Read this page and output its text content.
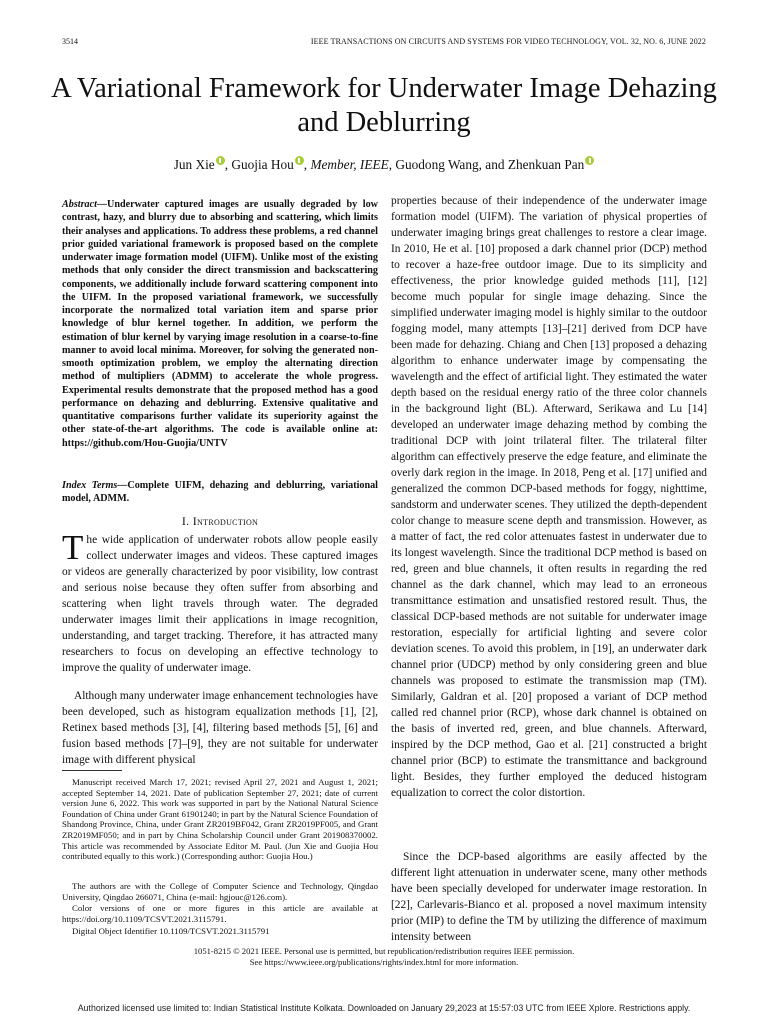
3514	IEEE TRANSACTIONS ON CIRCUITS AND SYSTEMS FOR VIDEO TECHNOLOGY, VOL. 32, NO. 6, JUNE 2022
A Variational Framework for Underwater Image Dehazing and Deblurring
Jun Xie , Guojia Hou , Member, IEEE, Guodong Wang, and Zhenkuan Pan
Abstract—Underwater captured images are usually degraded by low contrast, hazy, and blurry due to absorbing and scattering, which limits their analyses and applications. To address these problems, a red channel prior guided variational framework is proposed based on the complete underwater image formation model (UIFM). Unlike most of the existing methods that only consider the direct transmission and backscattering components, we additionally include forward scattering component into the UIFM. In the proposed variational framework, we successfully incorporate the normalized total variation item and sparse prior knowledge of blur kernel together. In addition, we perform the estimation of blur kernel by varying image resolution in a coarse-to-fine manner to avoid local minima. Moreover, for solving the generated non-smooth optimization problem, we employ the alternating direction method of multipliers (ADMM) to accelerate the whole progress. Experimental results demonstrate that the proposed method has a good performance on dehazing and deblurring. Extensive qualitative and quantitative comparisons further validate its superiority against the other state-of-the-art algorithms. The code is available online at: https://github.com/Hou-Guojia/UNTV
Index Terms—Complete UIFM, dehazing and deblurring, variational model, ADMM.
I. Introduction
The wide application of underwater robots allow people easily collect underwater images and videos. These captured images or videos are generally characterized by poor visibility, low contrast and serious noise because they often suffer from absorbing and scattering when light travels through water. The degraded underwater images limit their applications in image recognition, understanding, and target tracking. Therefore, it has attracted many researchers to focus on developing an effective technology to improve the quality of underwater image.
Although many underwater image enhancement technologies have been developed, such as histogram equalization methods [1], [2], Retinex based methods [3], [4], filtering based methods [5], [6] and fusion based methods [7]–[9], they are not suitable for underwater image with different physical
Manuscript received March 17, 2021; revised April 27, 2021 and August 1, 2021; accepted September 14, 2021. Date of publication September 27, 2021; date of current version June 6, 2022. This work was supported in part by the National Natural Science Foundation of China under Grant 61901240; in part by the Natural Science Foundation of Shandong Province, China, under Grant ZR2019BF042, Grant ZR2019PF005, and Grant ZR2019MF050; and in part by China Scholarship Council under Grant 201908370002. This article was recommended by Associate Editor M. Paul. (Jun Xie and Guojia Hou contributed equally to this work.) (Corresponding author: Guojia Hou.)
The authors are with the College of Computer Science and Technology, Qingdao University, Qingdao 266071, China (e-mail: hgjouc@126.com).
Color versions of one or more figures in this article are available at https://doi.org/10.1109/TCSVT.2021.3115791.
Digital Object Identifier 10.1109/TCSVT.2021.3115791
properties because of their independence of the underwater image formation model (UIFM). The variation of physical properties of underwater imaging brings great challenges to restore a clear image. In 2010, He et al. [10] proposed a dark channel prior (DCP) method to recover a haze-free outdoor image. Due to its simplicity and effectiveness, the prior knowledge guided methods [11], [12] become much popular for single image dehazing. Since the simplified underwater imaging model is highly similar to the outdoor fogging model, many attempts [13]–[21] derived from DCP have been made for dehazing. Chiang and Chen [13] proposed a dehazing algorithm to enhance underwater image by compensating the wavelength and the effect of artificial light. They estimated the water depth based on the residual energy ratio of the three color channels in the background light (BL). Afterward, Serikawa and Lu [14] developed an underwater image dehazing method by combing the traditional DCP with joint trilateral filter. The trilateral filter algorithm can effectively preserve the edge feature, and eliminate the overly dark region in the image. In 2018, Peng et al. [17] unified and generalized the common DCP-based methods for foggy, nighttime, sandstorm and underwater scenes. They utilized the depth-dependent color change to measure scene depth and transmission. However, as a matter of fact, the red color attenuates fastest in underwater due to its longest wavelength. Since the traditional DCP method is based on red, green and blue channels, it often results in regarding the red channel as the dark channel, which may lead to an erroneous transmittance estimation and unsatisfied restored result. Thus, the classical DCP-based methods are not suitable for underwater image restoration, especially for artificial lighting and severe color deviation scenes. To avoid this problem, in [19], an underwater dark channel prior (UDCP) method by only considering green and blue channels was proposed to estimate the transmission map (TM). Similarly, Galdran et al. [20] proposed a variant of DCP method called red channel prior (RCP), whose dark channel is obtained on the basis of inverted red, green, and blue channels. Afterward, inspired by the DCP method, Gao et al. [21] constructed a bright channel prior (BCP) to estimate the transmittance and background light. Besides, they further employed the deduced histogram equalization to correct the color distortion.
Since the DCP-based algorithms are easily affected by the different light attenuation in underwater scene, many other methods have been specially developed for underwater image restoration. In [22], Carlevaris-Bianco et al. proposed a novel maximum intensity prior (MIP) to define the TM by utilizing the difference of maximum intensity between
1051-8215 © 2021 IEEE. Personal use is permitted, but republication/redistribution requires IEEE permission.
See https://www.ieee.org/publications/rights/index.html for more information.
Authorized licensed use limited to: Indian Statistical Institute Kolkata. Downloaded on January 29,2023 at 15:57:03 UTC from IEEE Xplore. Restrictions apply.
